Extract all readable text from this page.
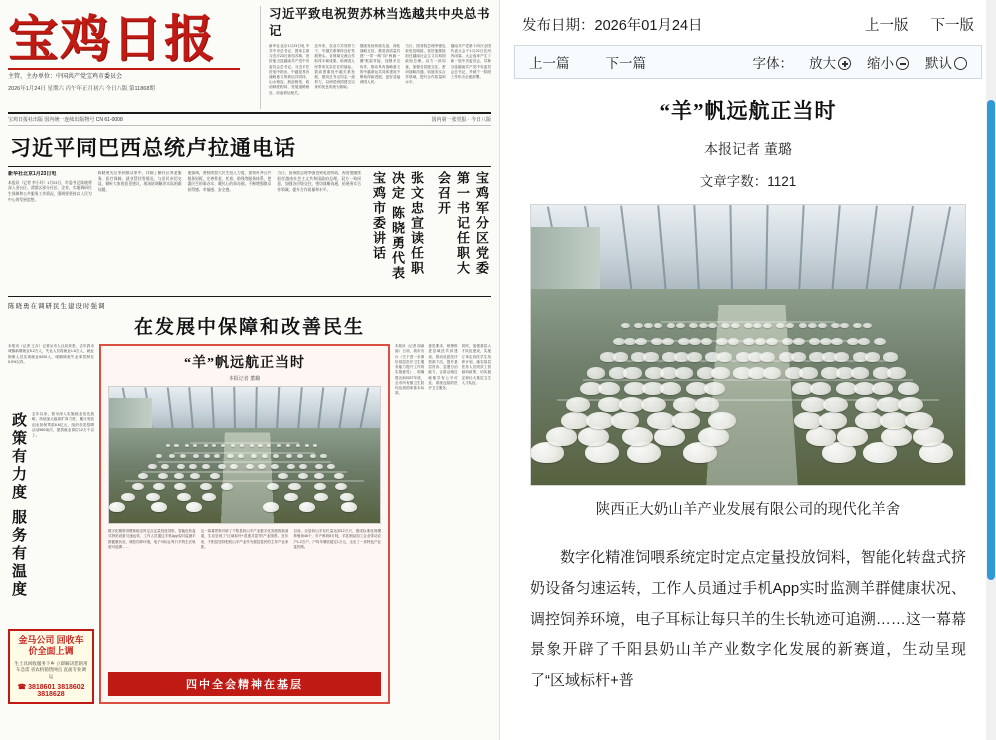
宝鸡日报
主管、主办单位：中国共产党宝鸡市委员会
2026年1月24日 星期六 丙午年正月初六 今日八版 第11868期
习近平致电祝贺苏林当选越共中央总书记
新华社北京1月23日电 中共中央总书记、国家主席习近平23日致电苏林，祝贺他当选越南共产党中央委员会总书记。习近平在贺电中指出，中越是具有战略意义的命运共同体，山水相连、唇齿相依，政治制度相同、发展道路相近、前途命运相关。
近年来，在双方共同努力下，中越关系保持良好发展势头，各领域交流合作取得丰硕成果，给两国人民带来实实在在的福祉。我高度重视中越关系发展，愿同总书记同志一道努力，以两党两国建交以来的优良传统为基础。
继续发扬传统友谊，深化战略互信，推进高质量共建“一带一路”同“两廊一圈”框架对接，加强多边协作，推动具有战略意义的中越命运共同体建设不断取得新进展，更好造福两国人民。
当日，国务院总理李强也致电范明政，祝贺他继续担任越南社会主义共和国政府总理。双方一致同意，加强各层级交往，密切战略沟通，拓展务实合作领域，提升合作质量和水平。
越南共产党第十四次全国代表大会于1月22日在河内闭幕。大会选举产生了新一届中央委员会，苏林当选越南共产党中央委员会总书记，并就下一阶段工作作出全面部署。
宝鸡日报社出版 国内统一连续出版物号 CN 61-0008	国内第一张党报 · 今日八版
习近平同巴西总统卢拉通电话
新华社北京1月23日电
本报讯（记者 李小玲）1月23日，市委书记陈晓勇深入金台区、渭滨区部分社区、企业，实地调研民生保障和公共服务工作情况，强调要坚持以人民为中心的发展思想。
陈晓勇先后来到群众家中，详细了解社区养老服务、医疗保障、就业帮扶等情况，与居民亲切交谈，倾听大家的意见建议，现场协调解决实际困难问题。
他强调，要持续加大民生投入力度，加快补齐公共服务短板，完善养老、托育、助残等服务体系，把惠民生的事办实、暖民心的事办细，不断增强群众获得感、幸福感、安全感。
当日，国务院总理李强也致电范明政，祝贺他继续担任越南社会主义共和国政府总理。双方一致同意，加强各层级交往，密切战略沟通，拓展务实合作领域，提升合作质量和水平。	张文忠宣读任职决定 陈晓勇代表宝鸡市委讲话	宝鸡军分区党委第一书记任职大会召开
陈晓勇在调研民生建设时强调
在发展中保障和改善民生
本报讯（记者 王卉）记者从市人社局获悉，去年我市城镇新增就业5.2万人，失业人员再就业1.8万人，就业困难人员实现就业6200人，城镇调查失业率控制在5.5%以内。
政策有力度 服务有温度	去年以来，我市深入实施就业优先战略，持续加大稳岗扩岗力度，累计发放创业担保贷款8.6亿元，组织各类招聘活动560场次，提供就业岗位12万个以上。
金马公司 回收车价全面上调
生土具回收服务下乡 立即解决您的用车急需 省农机销售网点 直面专业调运
☎ 3818601 3818602 3818628
“羊”帆远航正当时
本报记者 董璐
数字化精准饲喂系统定时定点定量投放饲料，智能化转盘式挤奶设备匀速运转，工作人员通过手机App实时监测羊群健康状况、调控饲养环境，电子耳标让每只羊的生长轨迹可追溯……
这一幕幕景象开辟了千阳县奶山羊产业数字化发展的新赛道，生动呈现了“区域标杆+普惠共富”的产业图景。近年来，千阳县坚持把奶山羊产业作为强县富民的主导产业来抓。
目前，全县奶山羊存栏量达到12万只，建成标准化规模养殖场46个，年产鲜奶8万吨，羊乳制品加工企业带动农户1.2万户，户均年增收超过1万元，走出了一条特色产业富民路。
四中全会精神在基层
本报讯（记者 周淑丽）日前，我市出台《关于进一步做好基层医疗卫生服务能力提升工作的实施意见》，明确提出到2027年底，全市所有镇卫生院均达到国家基本标准。
意见要求，统筹推进县域医共体建设，推动优质医疗资源下沉，提升基层首诊、急慢分治能力，让群众就近就便享有公平可及、系统连续的医疗卫生服务。
同时，加强基层人才队伍建设，实施订单定向医学生培养计划，落实基层医务人员绩效工资倾斜政策，切实稳定和壮大基层卫生人才队伍。
发布日期：2026年01月24日	上一版 下一版
上一篇	下一篇	字体： 放大	缩小	默认
“羊”帆远航正当时
本报记者 董璐
文章字数：1121
陕西正大奶山羊产业发展有限公司的现代化羊舍
数字化精准饲喂系统定时定点定量投放饲料，智能化转盘式挤奶设备匀速运转，工作人员通过手机App实时监测羊群健康状况、调控饲养环境，电子耳标让每只羊的生长轨迹可追溯……这一幕幕景象开辟了千阳县奶山羊产业数字化发展的新赛道，生动呈现了“区域标杆+普
